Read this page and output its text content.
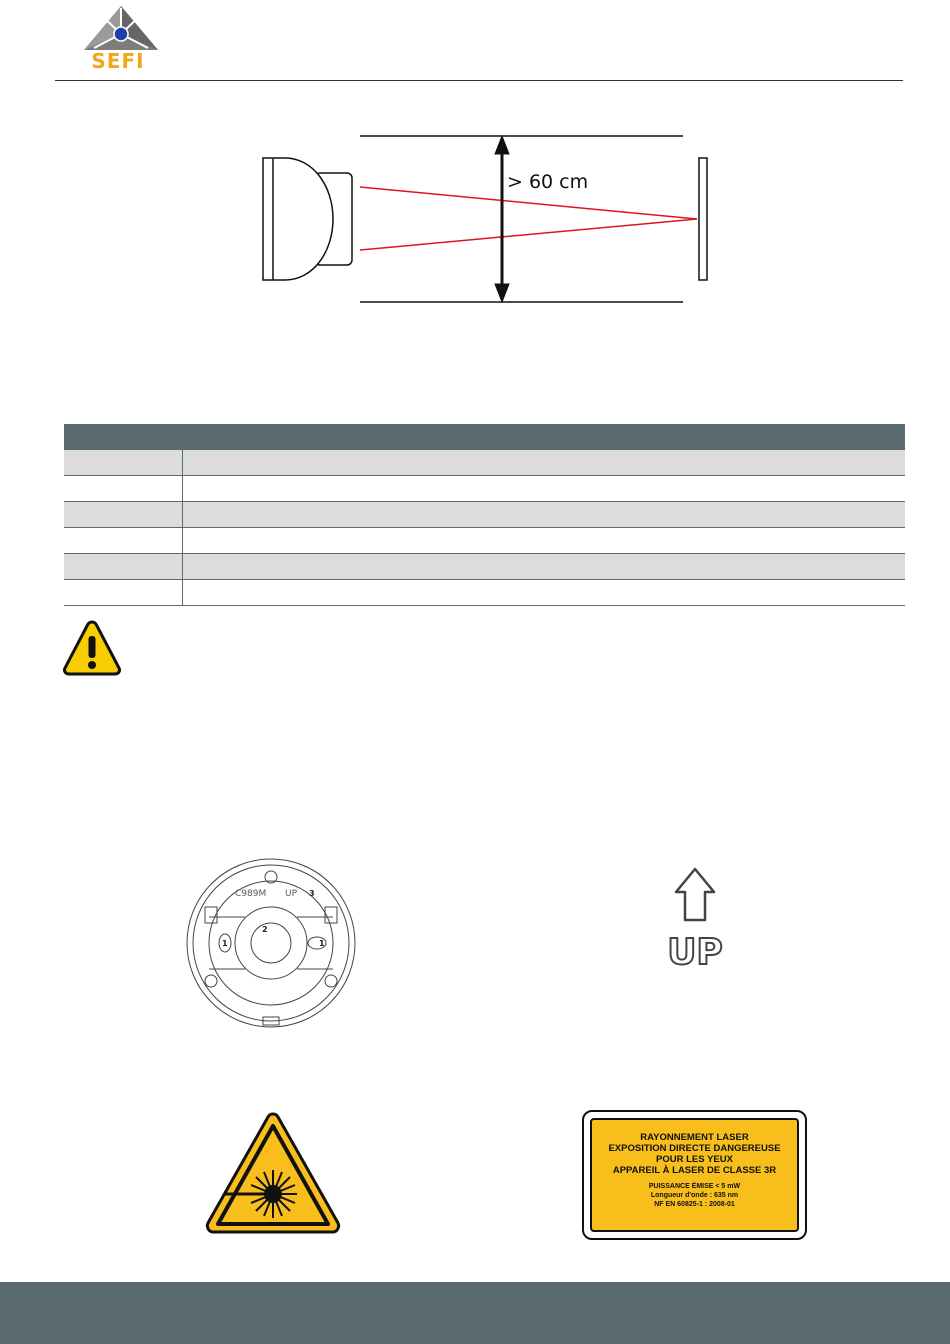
SEFI
> 60 cm

C989M UP 3
2
1	1	UP
RAYONNEMENT LASER
EXPOSITION DIRECTE DANGEREUSE
POUR LES YEUX
APPAREIL À LASER DE CLASSE 3R
PUISSANCE ÉMISE < 5 mW
Longueur d'onde : 635 nm
NF EN 60825-1 : 2008-01
